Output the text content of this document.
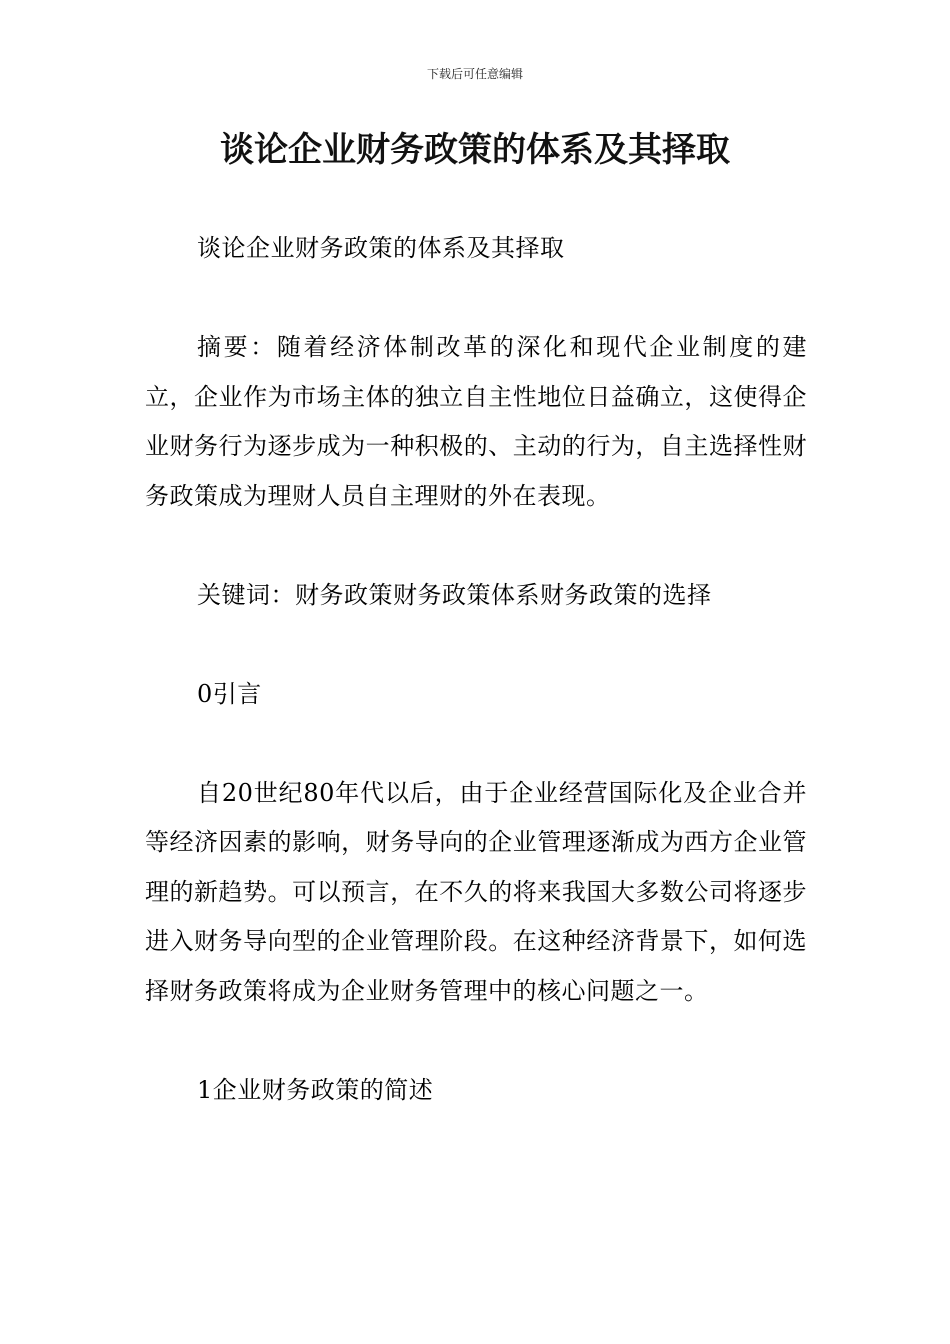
下载后可任意编辑
谈论企业财务政策的体系及其择取

谈论企业财务政策的体系及其择取

摘要：随着经济体制改革的深化和现代企业制度的建立，企业作为市场主体的独立自主性地位日益确立，这使得企业财务行为逐步成为一种积极的、主动的行为，自主选择性财务政策成为理财人员自主理财的外在表现。

关键词：财务政策财务政策体系财务政策的选择

0引言

自20世纪80年代以后，由于企业经营国际化及企业合并等经济因素的影响，财务导向的企业管理逐渐成为西方企业管理的新趋势。可以预言，在不久的将来我国大多数公司将逐步进入财务导向型的企业管理阶段。在这种经济背景下，如何选择财务政策将成为企业财务管理中的核心问题之一。

1企业财务政策的简述
